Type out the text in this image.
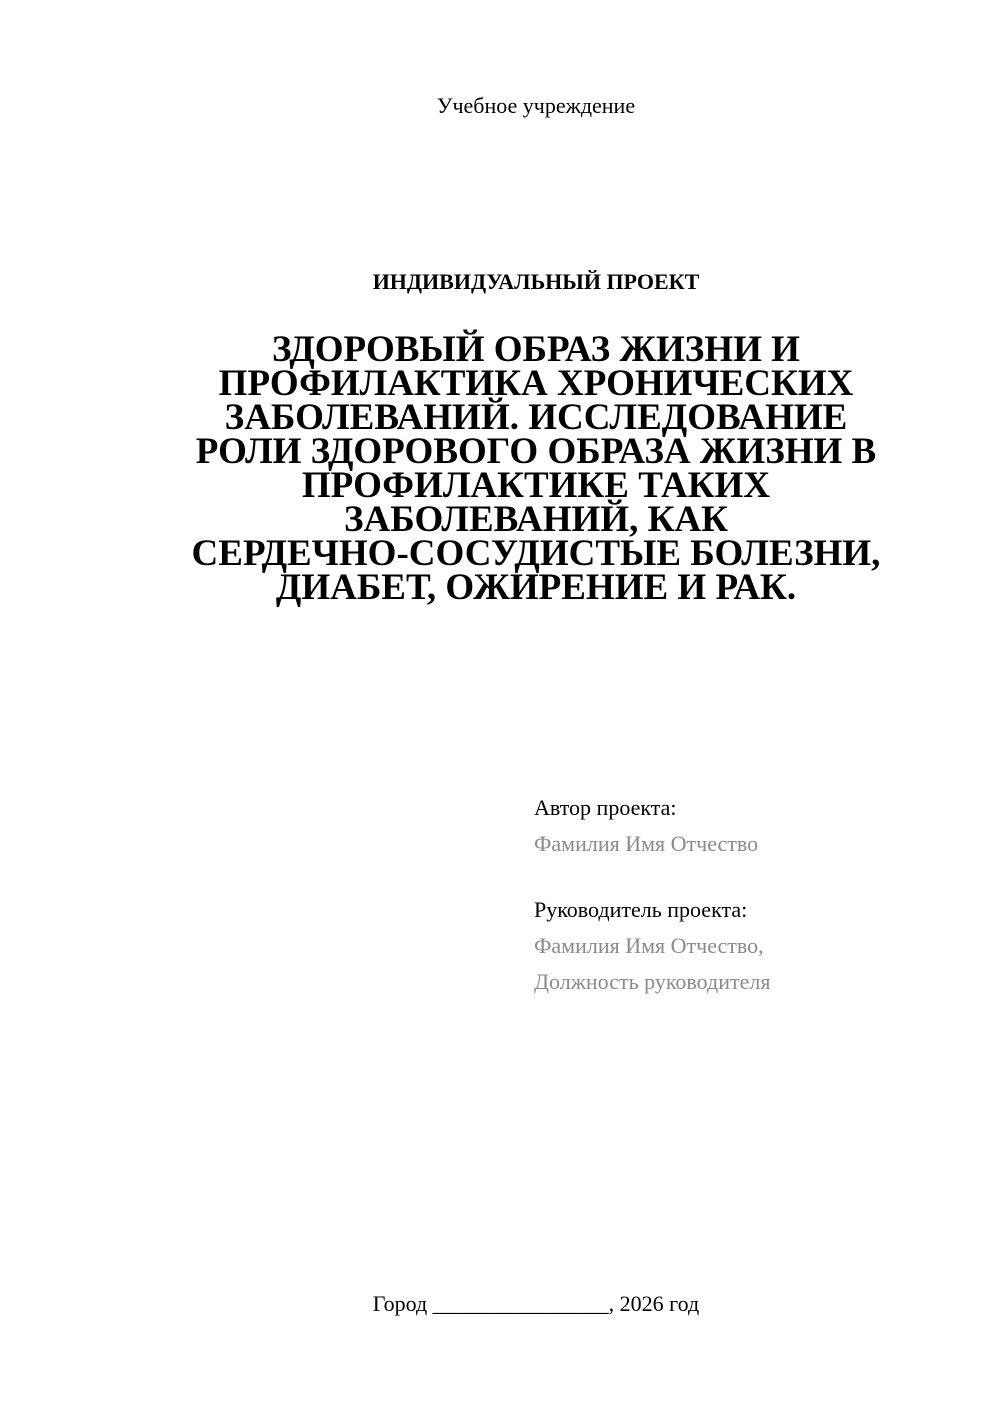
Учебное учреждение
ИНДИВИДУАЛЬНЫЙ ПРОЕКТ
ЗДОРОВЫЙ ОБРАЗ ЖИЗНИ И
ПРОФИЛАКТИКА ХРОНИЧЕСКИХ
ЗАБОЛЕВАНИЙ. ИССЛЕДОВАНИЕ
РОЛИ ЗДОРОВОГО ОБРАЗА ЖИЗНИ В
ПРОФИЛАКТИКЕ ТАКИХ
ЗАБОЛЕВАНИЙ, КАК
СЕРДЕЧНО-СОСУДИСТЫЕ БОЛЕЗНИ,
ДИАБЕТ, ОЖИРЕНИЕ И РАК.
Автор проекта:
Фамилия Имя Отчество
Руководитель проекта:
Фамилия Имя Отчество,
Должность руководителя
Город ________________, 2026 год
